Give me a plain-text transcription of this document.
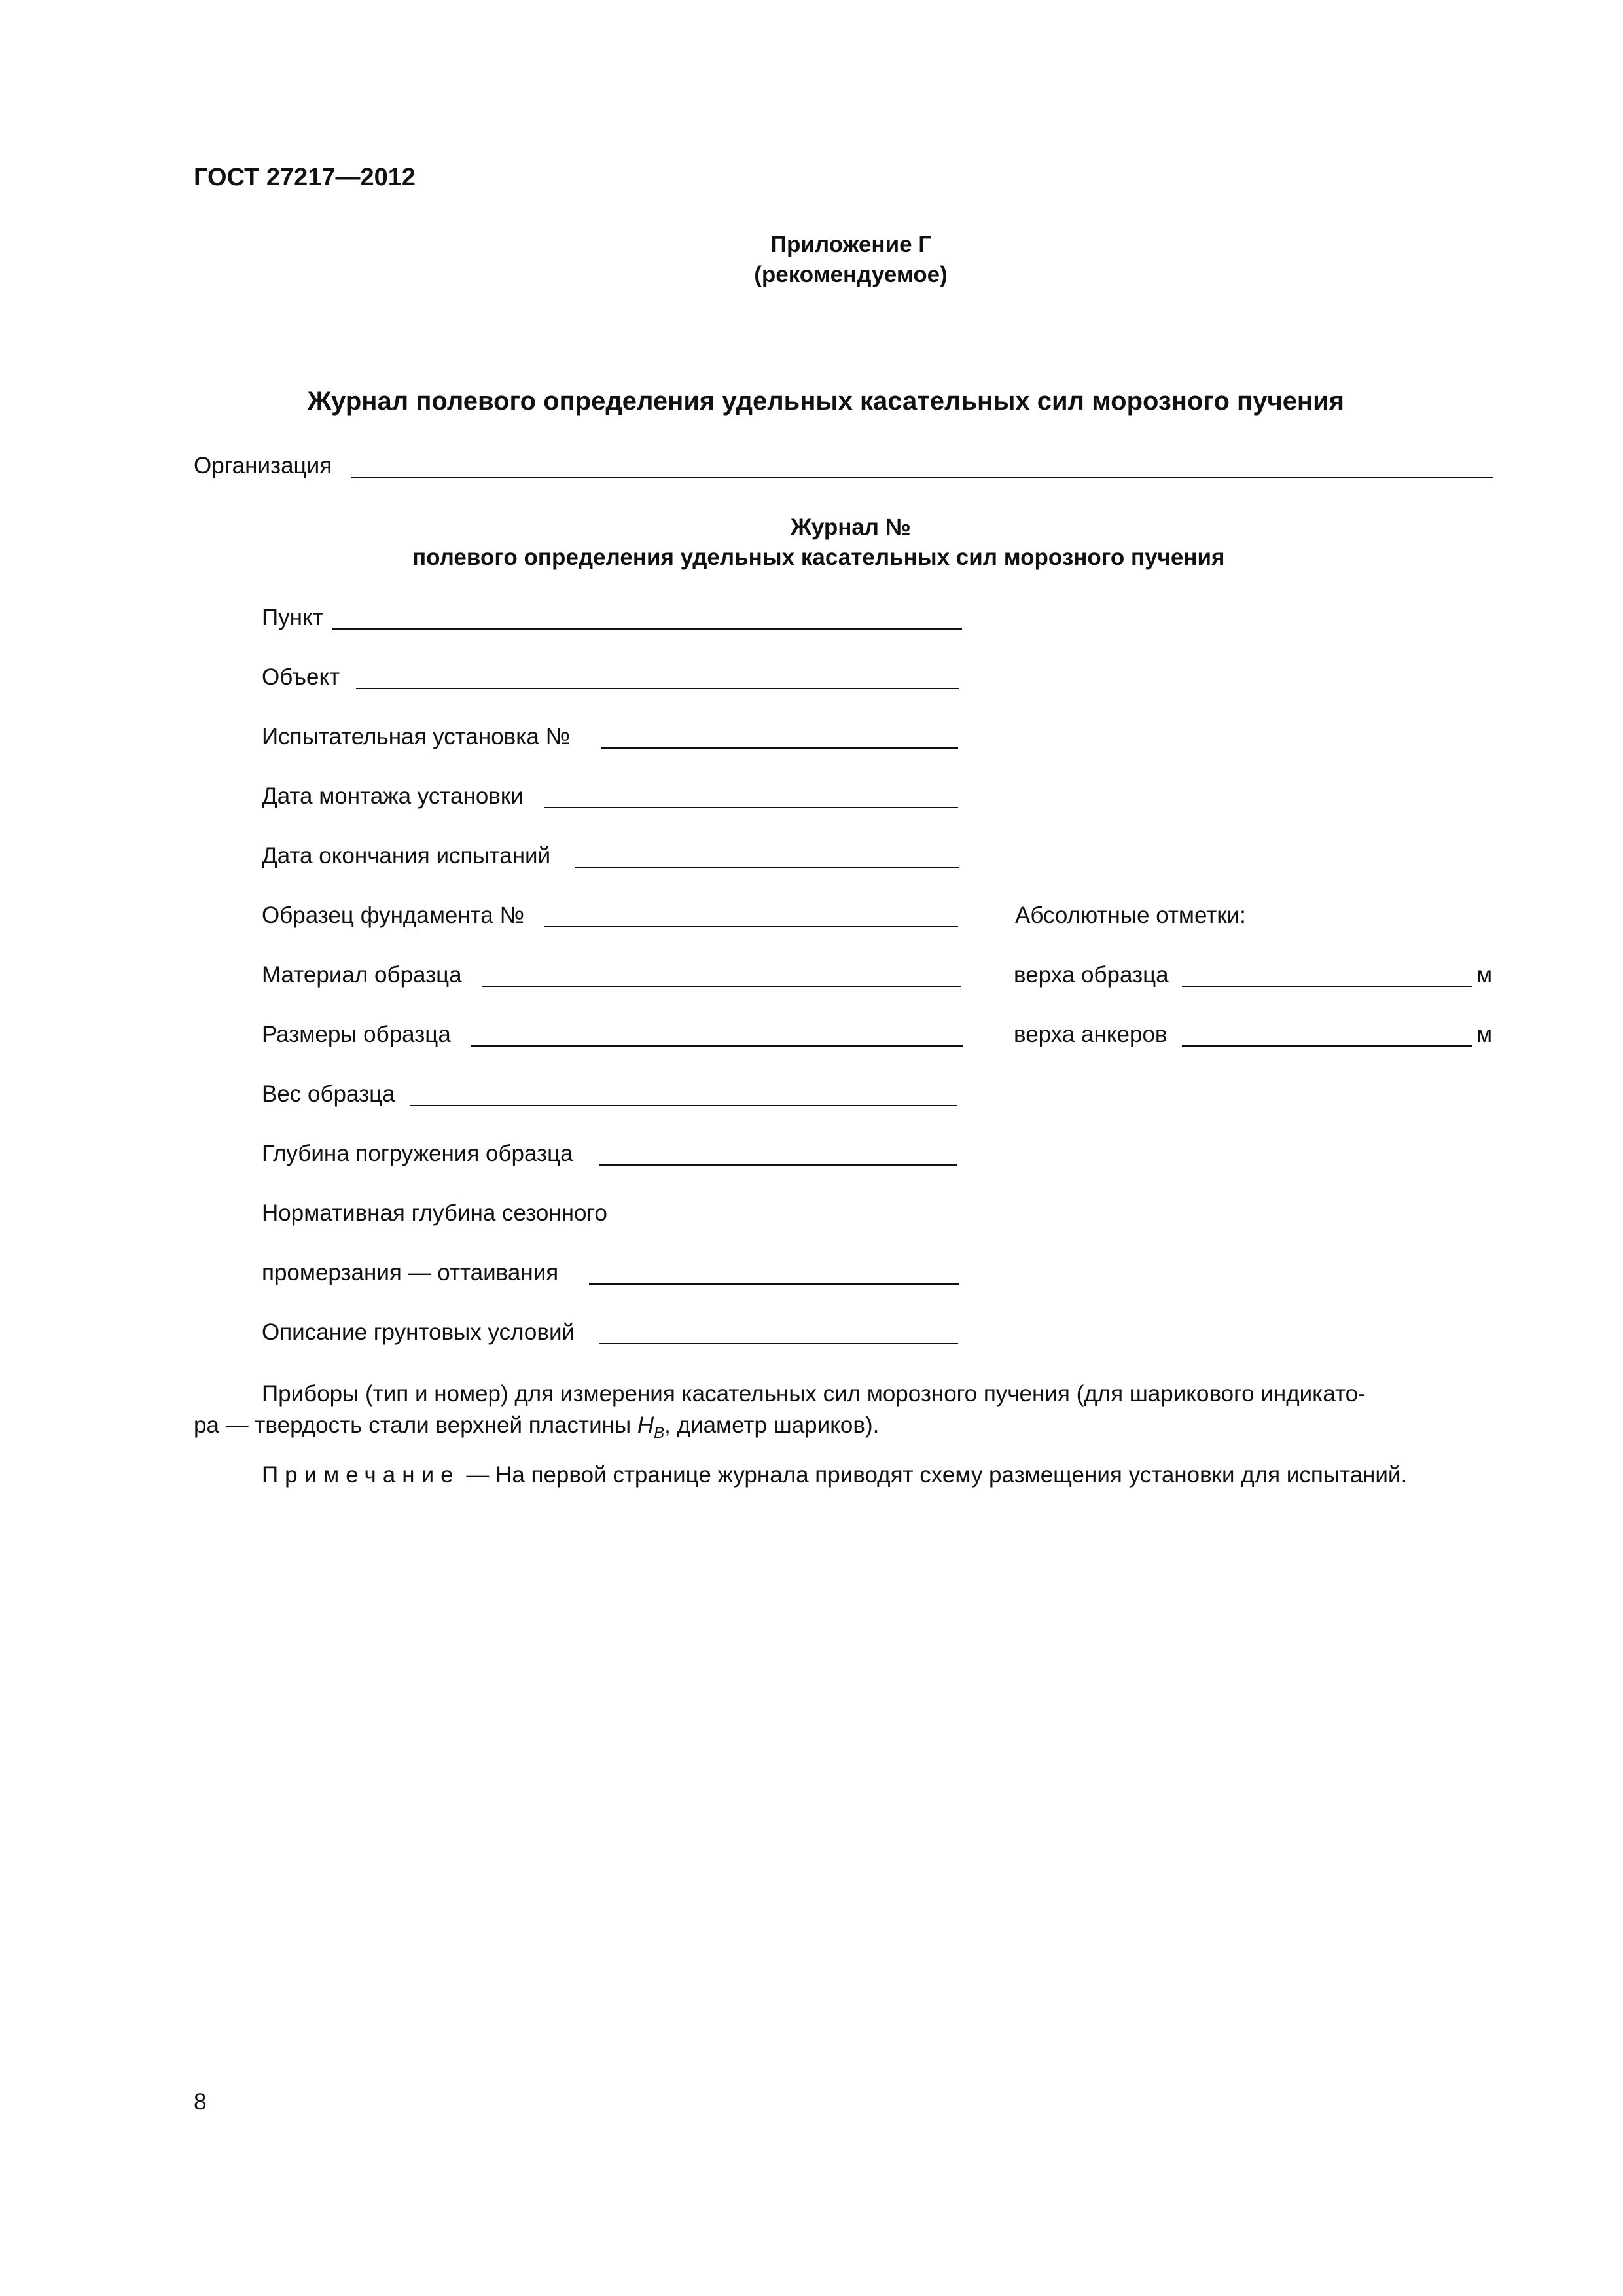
ГОСТ 27217—2012
Приложение Г
(рекомендуемое)
Журнал полевого определения удельных касательных сил морозного пучения
Организация
Журнал №
полевого определения удельных касательных сил морозного пучения
Пункт
Объект
Испытательная установка №
Дата монтажа установки
Дата окончания испытаний
Образец фундамента №
Материал образца
Размеры образца
Вес образца
Глубина погружения образца
Нормативная глубина сезонного
промерзания — оттаивания
Описание грунтовых условий
Абсолютные отметки:
верха образца	м
верха анкеров	м
Приборы (тип и номер) для измерения касательных сил морозного пучения (для шарикового индикато-
ра — твердость стали верхней пластины $H_B$, диаметр шариков).
Примечание — На первой странице журнала приводят схему размещения установки для испытаний.
8
